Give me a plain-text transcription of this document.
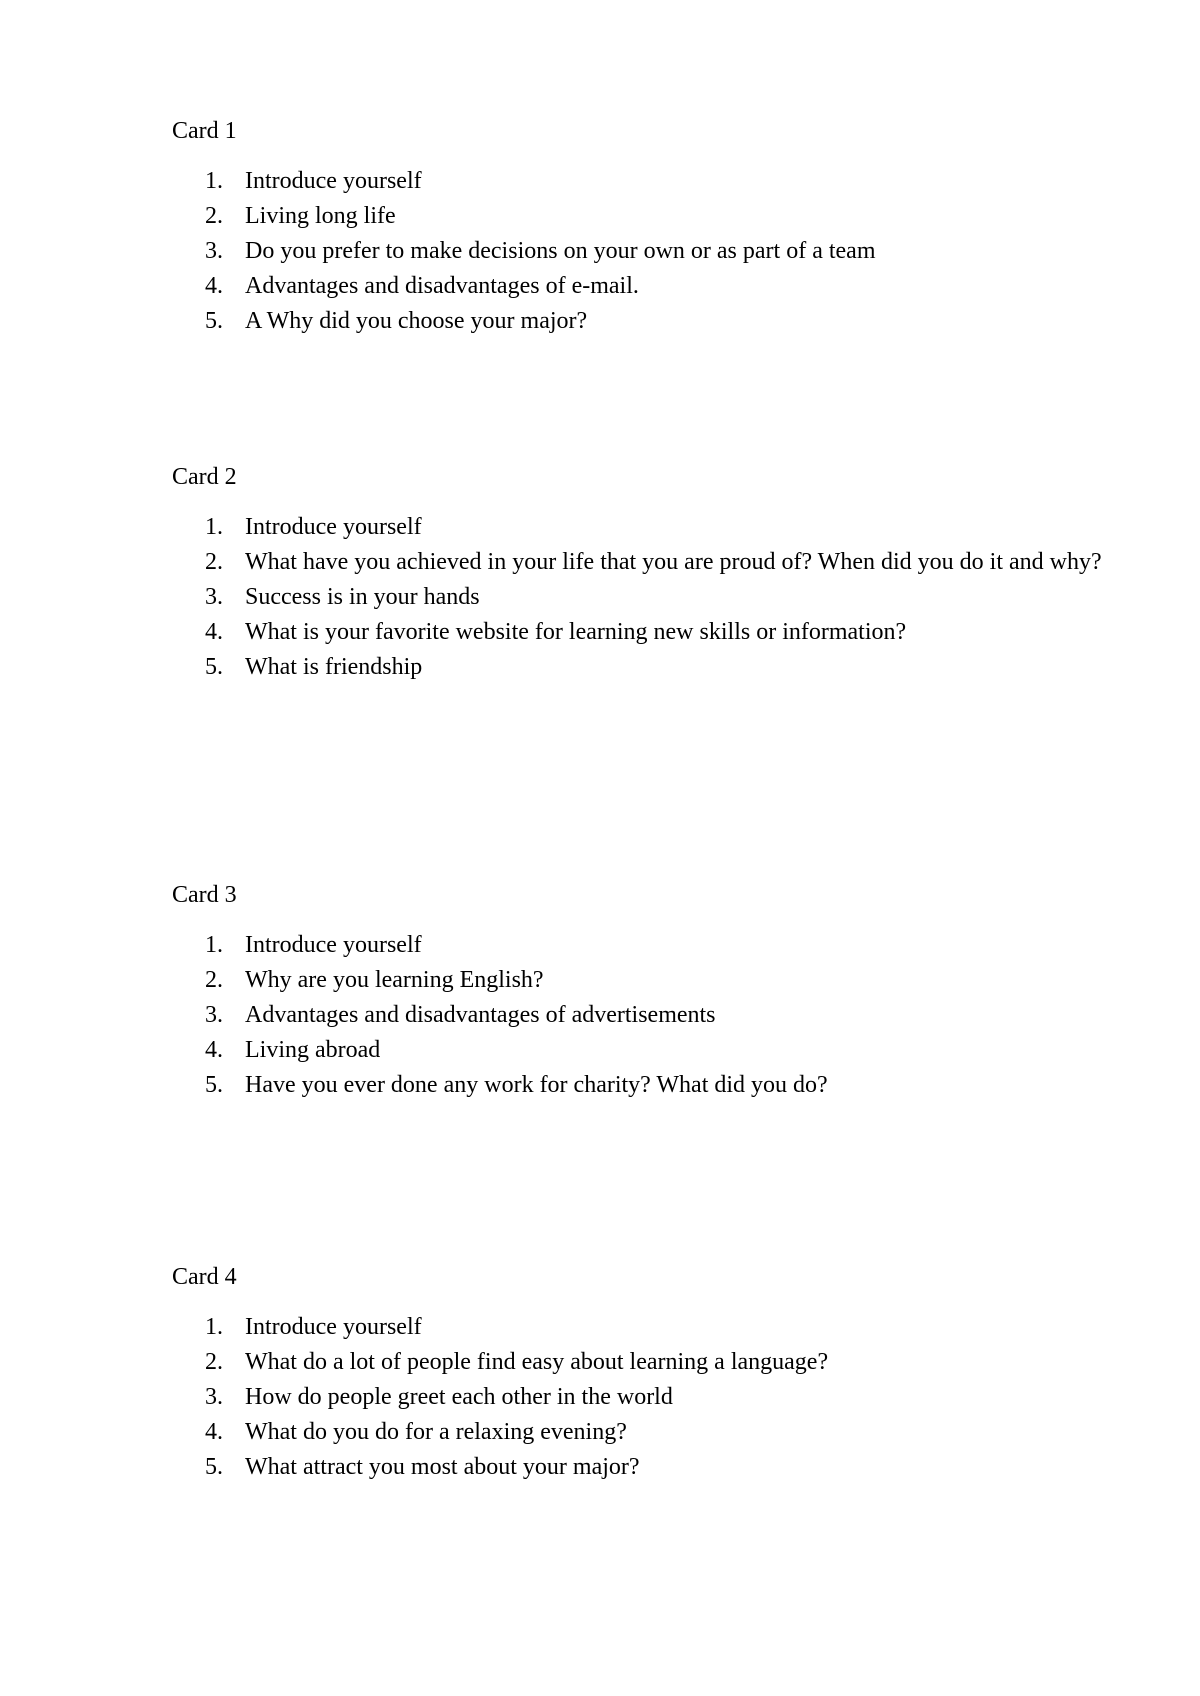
Card 1
1. Introduce yourself
2. Living long life
3. Do you prefer to make decisions on your own or as part of a team
4. Advantages and disadvantages of e-mail.
5. A Why did you choose your major?
Card 2
1. Introduce yourself
2. What have you achieved in your life that you are proud of? When did you do it and why?
3. Success is in your hands
4. What is your favorite website for learning new skills or information?
5. What is friendship
Card 3
1. Introduce yourself
2. Why are you learning English?
3. Advantages and disadvantages of advertisements
4. Living abroad
5. Have you ever done any work for charity? What did you do?
Card 4
1. Introduce yourself
2. What do a lot of people find easy about learning a language?
3. How do people greet each other in the world
4. What do you do for a relaxing evening?
5. What attract you most about your major?
